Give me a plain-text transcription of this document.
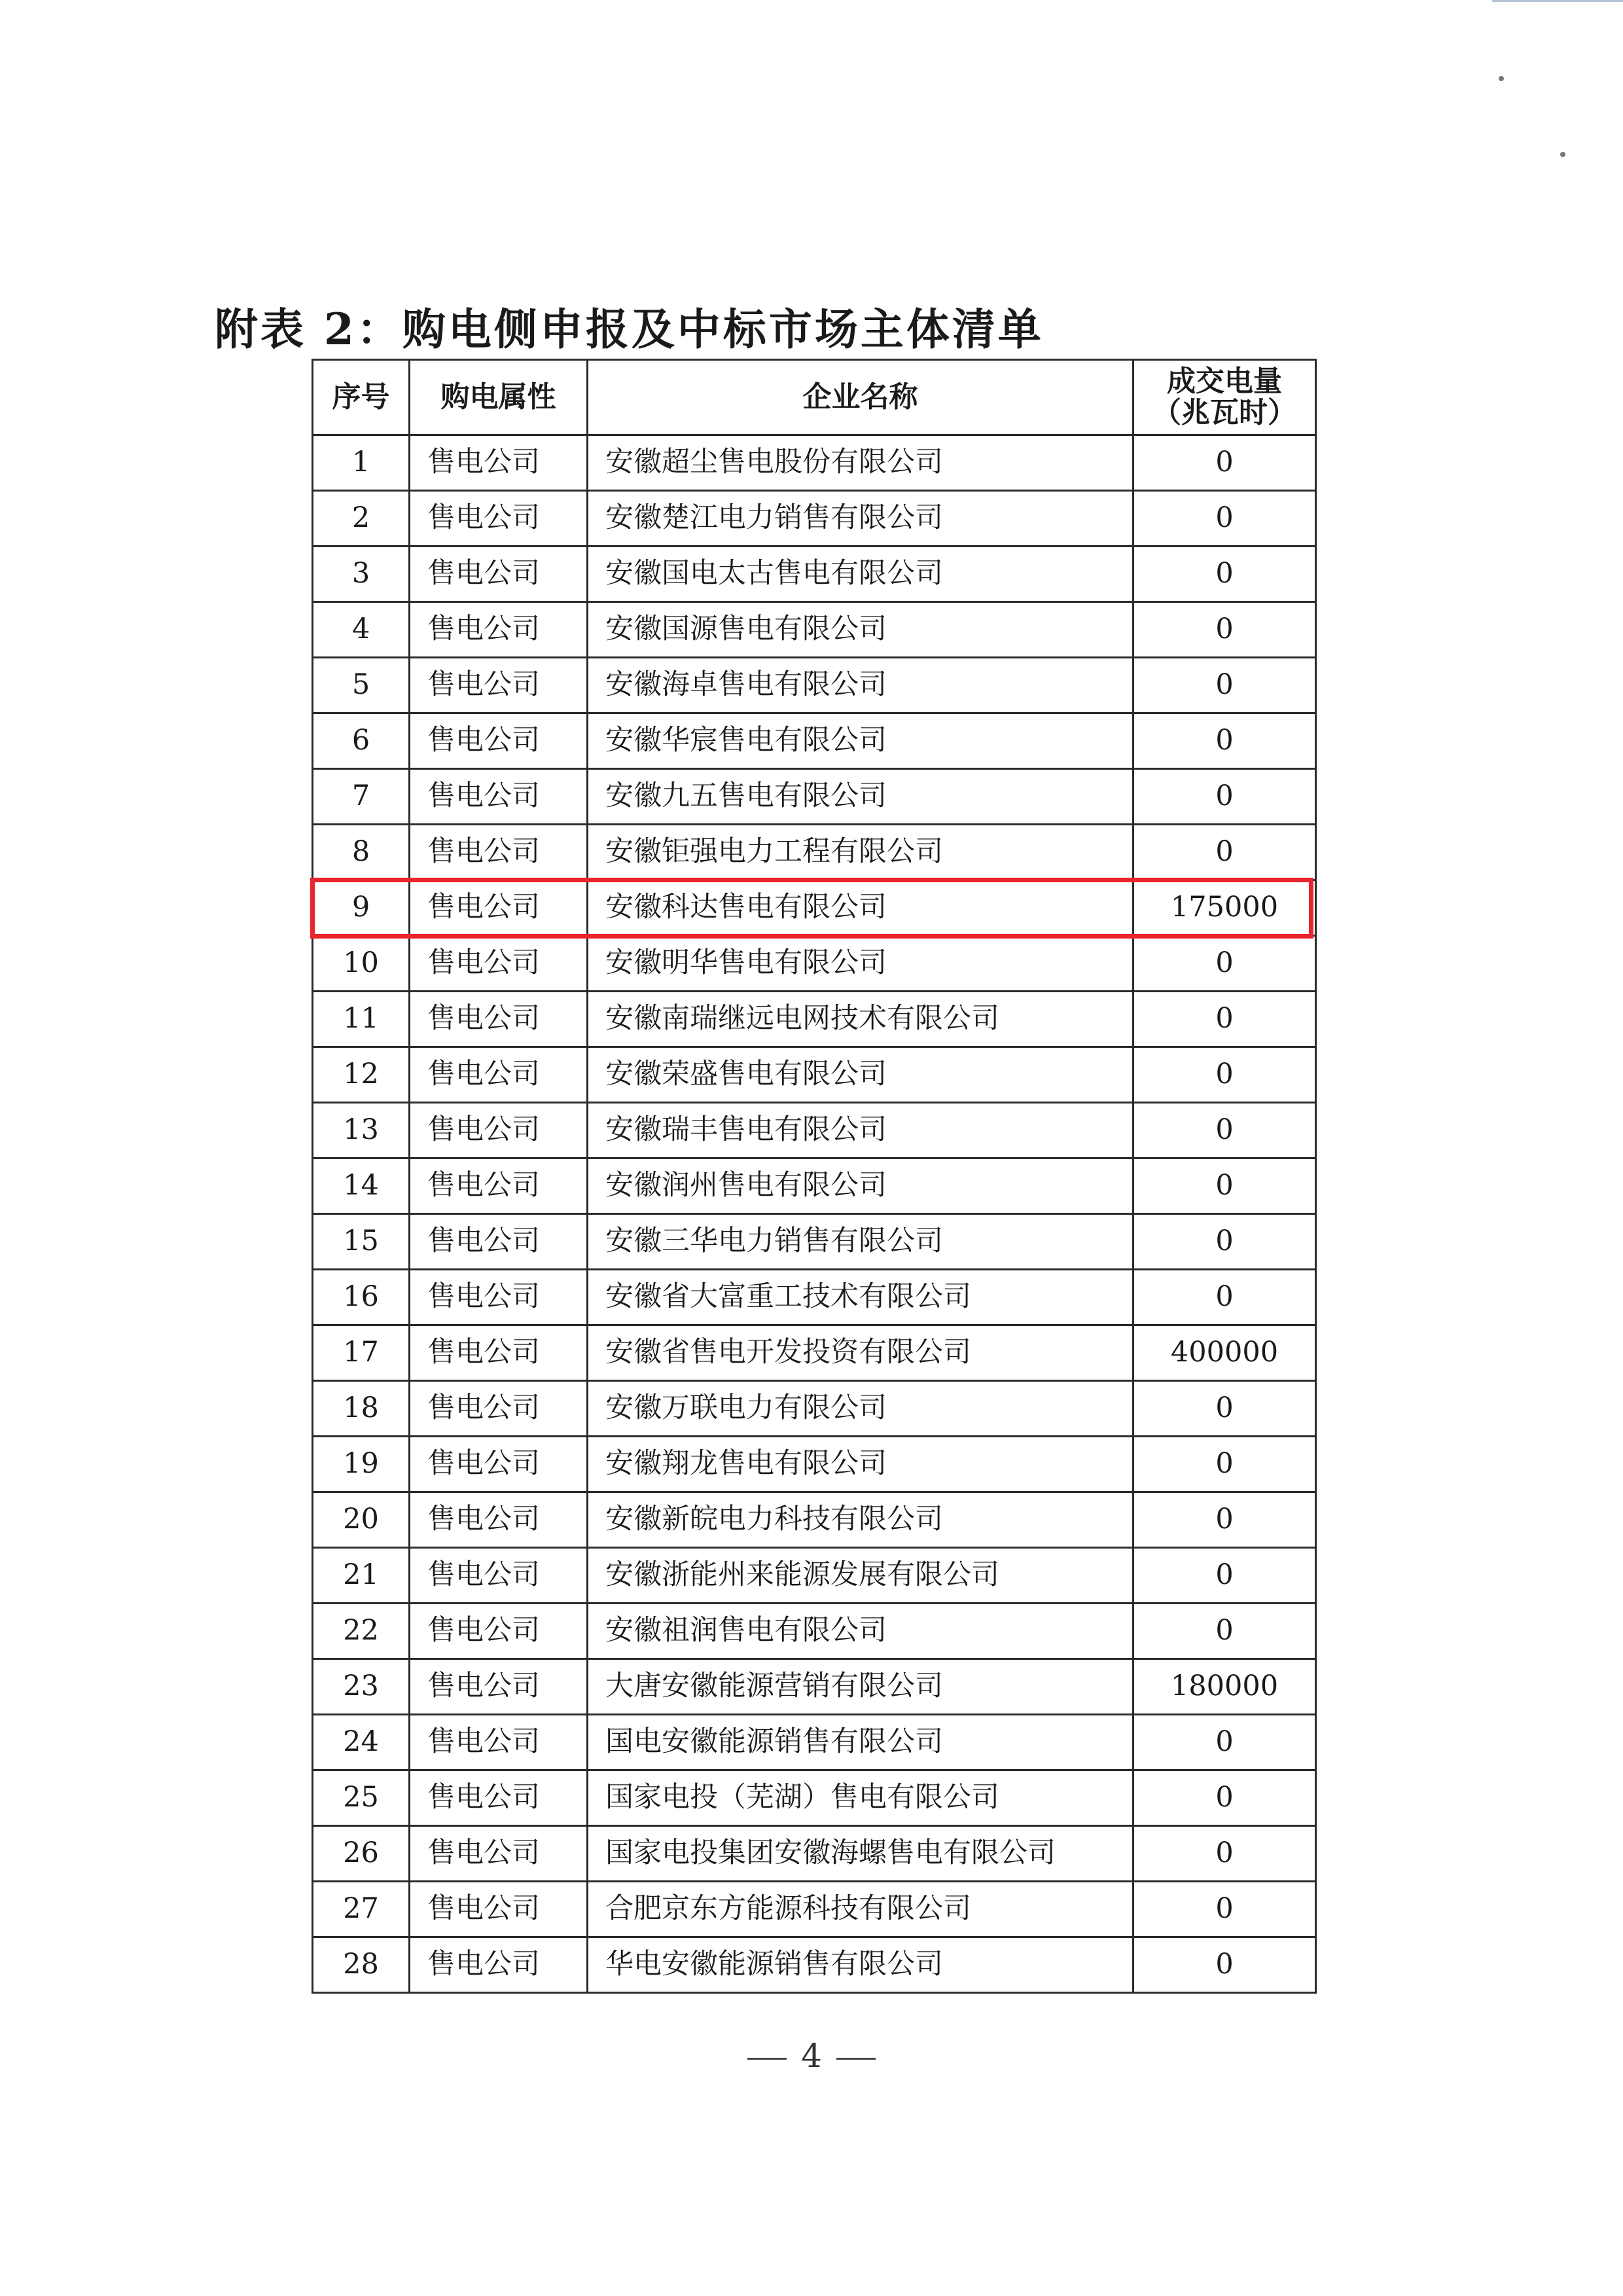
附表 2：购电侧申报及中标市场主体清单
序号	购电属性	企业名称	成交电量
（兆瓦时）

1	售电公司	安徽超尘售电股份有限公司	0
2	售电公司	安徽楚江电力销售有限公司	0
3	售电公司	安徽国电太古售电有限公司	0
4	售电公司	安徽国源售电有限公司	0
5	售电公司	安徽海卓售电有限公司	0
6	售电公司	安徽华宸售电有限公司	0
7	售电公司	安徽九五售电有限公司	0
8	售电公司	安徽钜强电力工程有限公司	0
9	售电公司	安徽科达售电有限公司	175000
10	售电公司	安徽明华售电有限公司	0
11	售电公司	安徽南瑞继远电网技术有限公司	0
12	售电公司	安徽荣盛售电有限公司	0
13	售电公司	安徽瑞丰售电有限公司	0
14	售电公司	安徽润州售电有限公司	0
15	售电公司	安徽三华电力销售有限公司	0
16	售电公司	安徽省大富重工技术有限公司	0
17	售电公司	安徽省售电开发投资有限公司	400000
18	售电公司	安徽万联电力有限公司	0
19	售电公司	安徽翔龙售电有限公司	0
20	售电公司	安徽新皖电力科技有限公司	0
21	售电公司	安徽浙能州来能源发展有限公司	0
22	售电公司	安徽祖润售电有限公司	0
23	售电公司	大唐安徽能源营销有限公司	180000
24	售电公司	国电安徽能源销售有限公司	0
25	售电公司	国家电投（芜湖）售电有限公司	0
26	售电公司	国家电投集团安徽海螺售电有限公司	0
27	售电公司	合肥京东方能源科技有限公司	0
28	售电公司	华电安徽能源销售有限公司	0
4
